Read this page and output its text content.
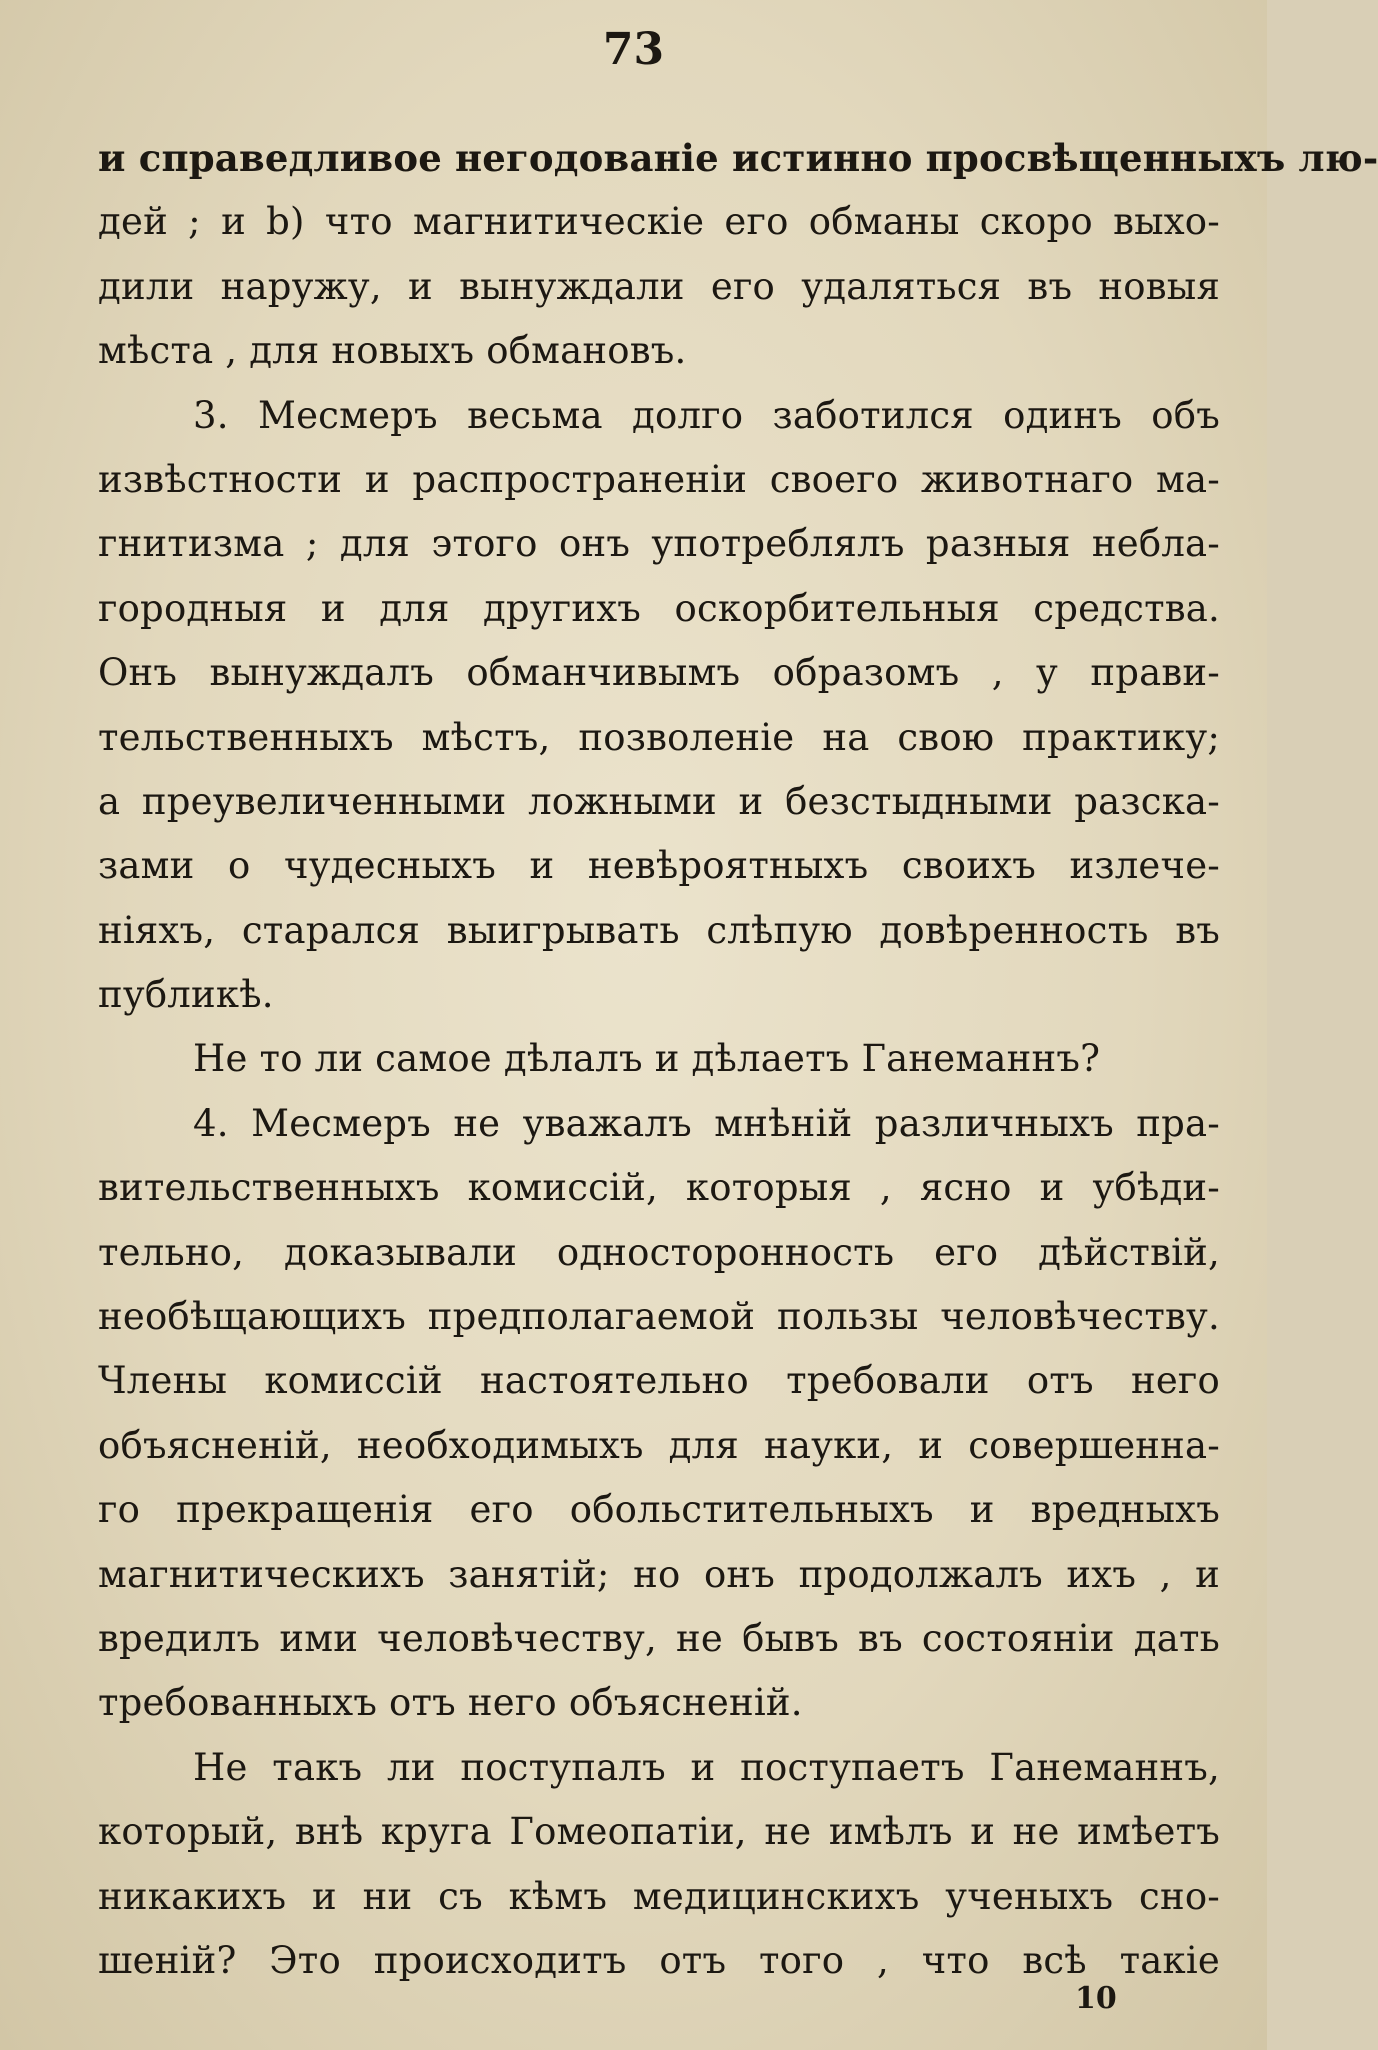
73
и справедливое негодованіе истинно просвѣщенныхъ лю-
дей ; и b) что магнитическіе его обманы скоро выхо-
дили наружу, и вынуждали его удаляться въ новыя
мѣста , для новыхъ обмановъ.
3. Месмеръ весьма долго заботился одинъ объ
извѣстности и распространеніи своего животнаго ма-
гнитизма ; для этого онъ употреблялъ разныя небла-
городныя и для другихъ оскорбительныя средства.
Онъ вынуждалъ обманчивымъ образомъ , у прави-
тельственныхъ мѣстъ, позволеніе на свою практику;
а преувеличенными ложными и безстыдными разска-
зами о чудесныхъ и невѣроятныхъ своихъ излече-
ніяхъ, старался выигрывать слѣпую довѣренность въ
публикѣ.
Не то ли самое дѣлалъ и дѣлаетъ Ганеманнъ?
4. Месмеръ не уважалъ мнѣній различныхъ пра-
вительственныхъ комиссій, которыя , ясно и убѣди-
тельно, доказывали односторонность его дѣйствій,
необѣщающихъ предполагаемой пользы человѣчеству.
Члены комиссій настоятельно требовали отъ него
объясненій, необходимыхъ для науки, и совершенна-
го прекращенія его обольстительныхъ и вредныхъ
магнитическихъ занятій; но онъ продолжалъ ихъ , и
вредилъ ими человѣчеству, не бывъ въ состояніи дать
требованныхъ отъ него объясненій.
Не такъ ли поступалъ и поступаетъ Ганеманнъ,
который, внѣ круга Гомеопатіи, не имѣлъ и не имѣетъ
никакихъ и ни съ кѣмъ медицинскихъ ученыхъ сно-
шеній? Это происходитъ отъ того , что всѣ такіе
10
